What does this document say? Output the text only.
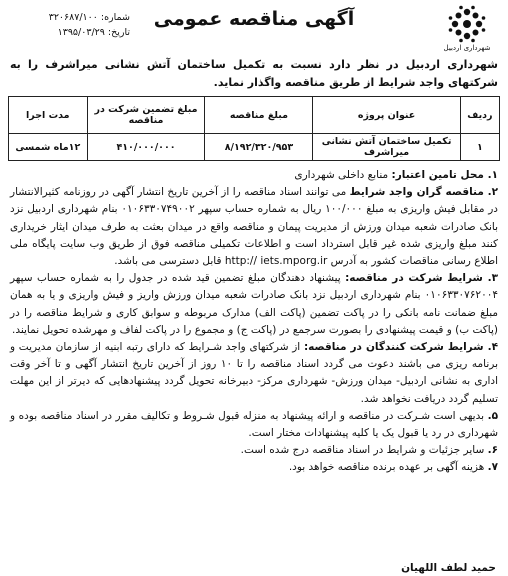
شماره: ۳۲۰۶۸۷/۱۰۰
تاریخ: ۱۳۹۵/۰۳/۲۹
آگهی مناقصه عمومی
شهرداری اردبیل
شهرداری اردبیل در نظر دارد نسبت به تکمیل ساختمان آتش نشانی میراشرف را به شرکتهای واجد شرایط از طریق مناقصه واگذار نماید.
ردیف	عنوان پروژه	مبلغ مناقصه	مبلغ تضمین شرکت در مناقصه	مدت اجرا
۱	تکمیل ساختمان آتش نشانی میراشرف	۸/۱۹۲/۳۲۰/۹۵۳	۴۱۰/۰۰۰/۰۰۰	۱۲ماه شمسی

۱. محل تامین اعتبار: منابع داخلی شهرداری

۲. مناقصه گران واجد شرایط می توانند اسناد مناقصه را از آخرین تاریخ انتشار آگهی در روزنامه کثیرالانتشار در مقابل فیش واریزی به مبلغ ۱۰۰/۰۰۰ ریال به شماره حساب سپهر ۰۱۰۶۳۳۰۷۴۹۰۰۲ بنام شهرداری اردبیل نزد بانک صادرات شعبه میدان ورزش از مدیریت پیمان و مناقصه واقع در میدان بعثت به طرف میدان ایثار خریداری کنند مبلغ واریزی شده غیر قابل استرداد است و اطلاعات تکمیلی مناقصه فوق از طریق وب سایت پایگاه ملی اطلاع رسانی مناقصات کشور به آدرس http:// iets.mporg.ir قابل دسترسی می باشد.

۳. شرایط شرکت در مناقصه: پیشنهاد دهندگان مبلغ تضمین قید شده در جدول را به شماره حساب سپهر ۰۱۰۶۳۳۰۷۶۲۰۰۴ بنام شهرداری اردبیل نزد بانک صادرات شعبه میدان ورزش واریز و فیش واریزی و یا به همان مبلغ ضمانت نامه بانکی را در پاکت تضمین (پاکت الف) مدارک مربوطه و سوابق کاری و شرایط مناقصه را در (پاکت ب) و قیمت پیشنهادی را بصورت سرجمع در (پاکت ج) و مجموع را در پاکت لفاف و مهرشده تحویل نمایند.

۴. شرایط شرکت کنندگان در مناقصه: از شرکتهای واجد شـرایط که دارای رتبه ابنیه از سازمان مدیریت و برنامه ریزی می باشند دعوت می گردد اسناد مناقصه را تا ۱۰ روز از آخرین تاریخ انتشار آگهی و تا آخر وقت اداری به نشانی اردبیل- میدان ورزش- شهرداری مرکز- دبیرخانه تحویل گردد پیشنهادهایی که دیرتر از این مهلت تسلیم گردد دریافت نخواهد شد.

۵. بدیهی است شـرکت در مناقصه و ارائه پیشنهاد به منزله قبول شـروط و تکالیف مقرر در اسناد مناقصه بوده و شهرداری در رد یا قبول یک یا کلیه پیشنهادات مختار است.

۶. سایر جزئیات و شرایط در اسناد مناقصه درج شده است.

۷. هزینه آگهی بر عهده برنده مناقصه خواهد بود.

حمید لطف اللهیان
